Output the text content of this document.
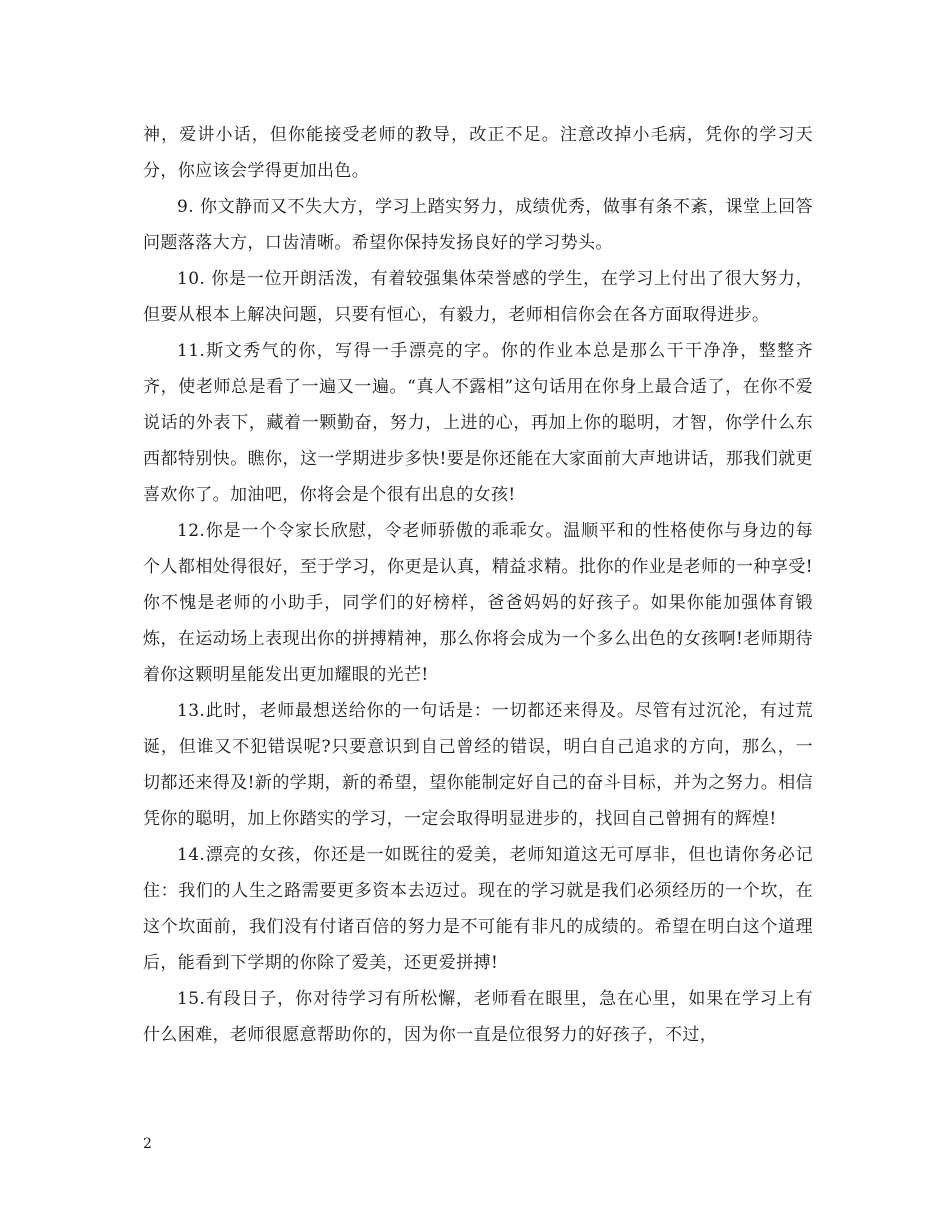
神，爱讲小话，但你能接受老师的教导，改正不足。注意改掉小毛病，凭你的学习天分，你应该会学得更加出色。

9. 你文静而又不失大方，学习上踏实努力，成绩优秀，做事有条不紊，课堂上回答问题落落大方，口齿清晰。希望你保持发扬良好的学习势头。

10. 你是一位开朗活泼，有着较强集体荣誉感的学生，在学习上付出了很大努力，但要从根本上解决问题，只要有恒心，有毅力，老师相信你会在各方面取得进步。

11.斯文秀气的你，写得一手漂亮的字。你的作业本总是那么干干净净，整整齐齐，使老师总是看了一遍又一遍。“真人不露相”这句话用在你身上最合适了，在你不爱说话的外表下，藏着一颗勤奋，努力，上进的心，再加上你的聪明，才智，你学什么东西都特别快。瞧你，这一学期进步多快!要是你还能在大家面前大声地讲话，那我们就更喜欢你了。加油吧，你将会是个很有出息的女孩!

12.你是一个令家长欣慰，令老师骄傲的乖乖女。温顺平和的性格使你与身边的每个人都相处得很好，至于学习，你更是认真，精益求精。批你的作业是老师的一种享受!你不愧是老师的小助手，同学们的好榜样，爸爸妈妈的好孩子。如果你能加强体育锻炼，在运动场上表现出你的拼搏精神，那么你将会成为一个多么出色的女孩啊!老师期待着你这颗明星能发出更加耀眼的光芒!

13.此时，老师最想送给你的一句话是：一切都还来得及。尽管有过沉沦，有过荒诞，但谁又不犯错误呢?只要意识到自己曾经的错误，明白自己追求的方向，那么，一切都还来得及!新的学期，新的希望，望你能制定好自己的奋斗目标，并为之努力。相信凭你的聪明，加上你踏实的学习，一定会取得明显进步的，找回自己曾拥有的辉煌!

14.漂亮的女孩，你还是一如既往的爱美，老师知道这无可厚非，但也请你务必记住：我们的人生之路需要更多资本去迈过。现在的学习就是我们必须经历的一个坎，在这个坎面前，我们没有付诸百倍的努力是不可能有非凡的成绩的。希望在明白这个道理后，能看到下学期的你除了爱美，还更爱拼搏!

15.有段日子，你对待学习有所松懈，老师看在眼里，急在心里，如果在学习上有什么困难，老师很愿意帮助你的，因为你一直是位很努力的好孩子，不过，

2
